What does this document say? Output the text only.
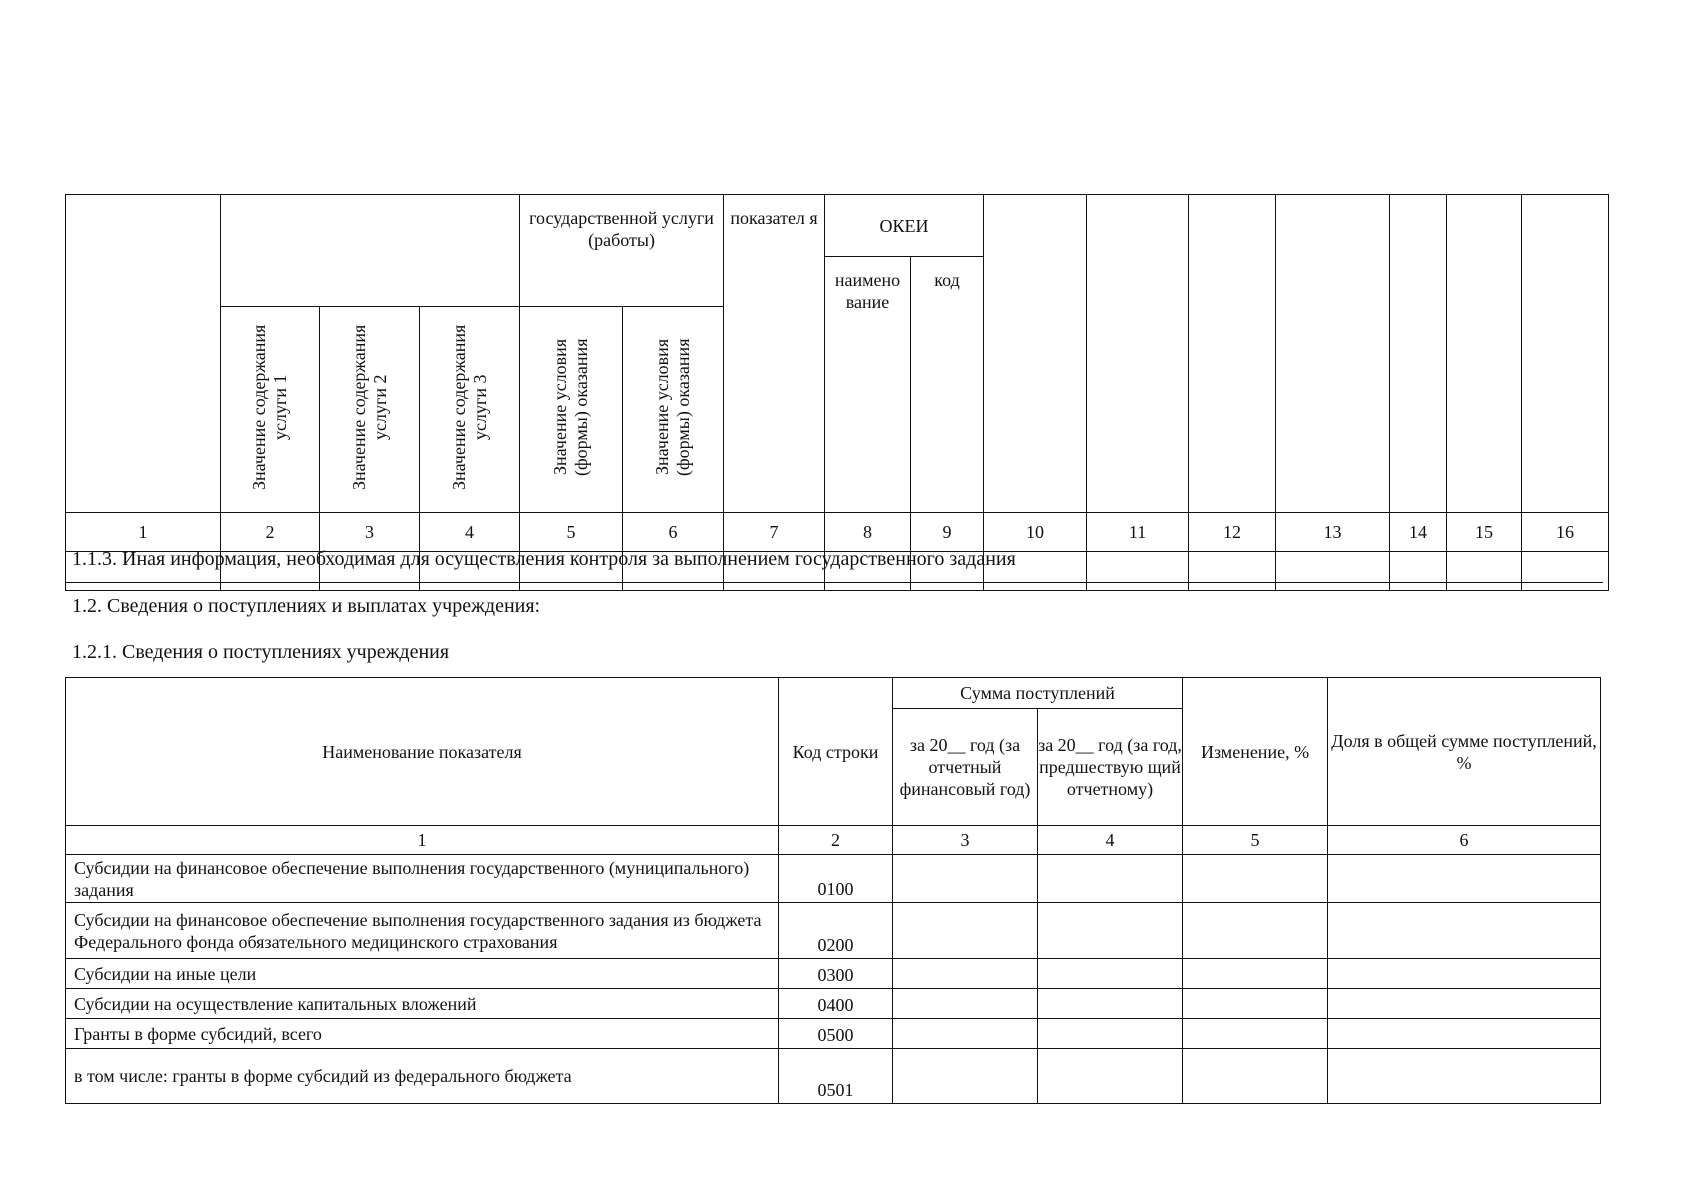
				государственной услуги (работы)		показател я	ОКЕИ								
							наимено вание	код							
	Значение содержания услуги 1	Значение содержания услуги 2	Значение содержания услуги 3	Значение условия (формы) оказания	Значение условия (формы) оказания										
1	2	3	4	5	6	7	8	9	10	11	12	13	14	15	16

1.1.3. Иная информация, необходимая для осуществления контроля за выполнением государственного задания
1.2. Сведения о поступлениях и выплатах учреждения:
1.2.1. Сведения о поступлениях учреждения
Наименование показателя	Код строки	Сумма поступлений		Изменение, %	Доля в общей сумме поступлений, %
		за 20__ год (за отчетный финансовый год)	за 20__ год (за год, предшествую щий отчетному)		
1	2	3	4	5	6
Субсидии на финансовое обеспечение выполнения государственного (муниципального) задания	0100				
Субсидии на финансовое обеспечение выполнения государственного задания из бюджета Федерального фонда обязательного медицинского страхования	0200				
Субсидии на иные цели	0300				
Субсидии на осуществление капитальных вложений	0400				
Гранты в форме субсидий, всего	0500				
в том числе: гранты в форме субсидий из федерального бюджета	0501				
